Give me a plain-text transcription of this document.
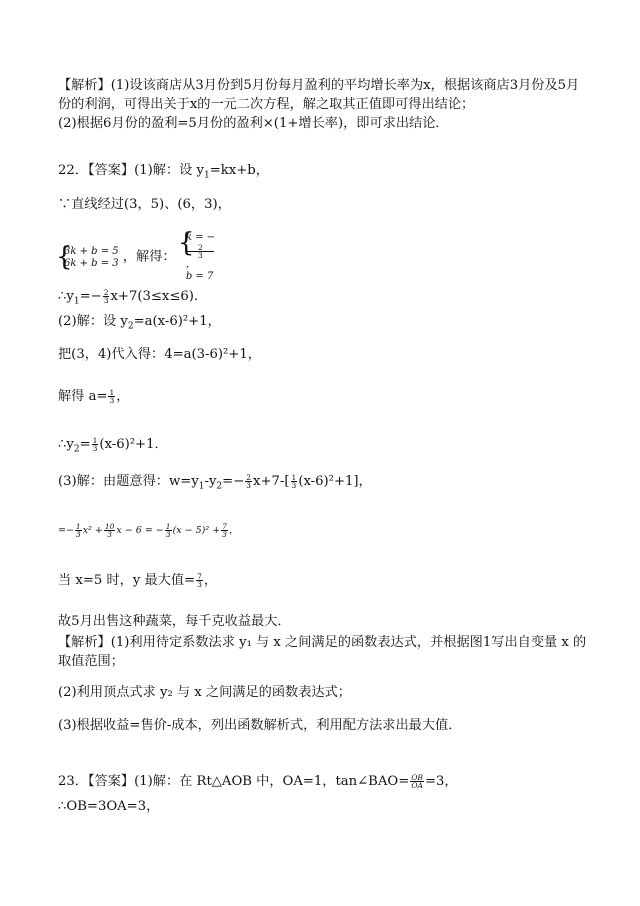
【解析】(1)设该商店从3月份到5月份每月盈利的平均增长率为x，根据该商店3月份及5月份的利润，可得出关于x的一元二次方程，解之取其正值即可得出结论；
(2)根据6月份的盈利=5月份的盈利×(1+增长率)，即可求出结论．
22．【答案】(1)解：设 $y_1=kx+b$，
∵直线经过(3，5)、(6，3)，
{ 3k + b = 5
6k + b = 3 ，解得：
{ k = −
2
3
，
b = 7
$\therefore y_1=- \frac{2}{3} x+7(3\le x\le 6)$．
(2)解：设 $y_2=a(x-6)^2+1$，
把(3，4)代入得：4=a(3-6)²+1，
解得 $a= \frac{1}{3}$ ，
$\therefore y_2= \frac{1}{3} (x-6)^2+1$．
(3)解：由题意得：$w=y_1-y_2=- \frac{2}{3} x+7-[ \frac{1}{3} (x-6)^2+1]$，
=− $\frac{1}{3} x^2 + \frac{10}{3}$ x − 6 = − $\frac{1}{3} (x - 5)^2 + \frac{7}{3}$ ，
当 x=5 时，y 最大值= $\frac{7}{3}$ ，
故5月出售这种蔬菜，每千克收益最大．
【解析】(1)利用待定系数法求 y₁ 与 x 之间满足的函数表达式，并根据图1写出自变量 x 的取值范围；
(2)利用顶点式求 y₂ 与 x 之间满足的函数表达式；
(3)根据收益=售价-成本，列出函数解析式，利用配方法求出最大值．
23．【答案】(1)解：在 Rt△AOB 中，OA=1，tan∠BAO= $\frac{OB}{OA} =3$，
∴OB=3OA=3，
